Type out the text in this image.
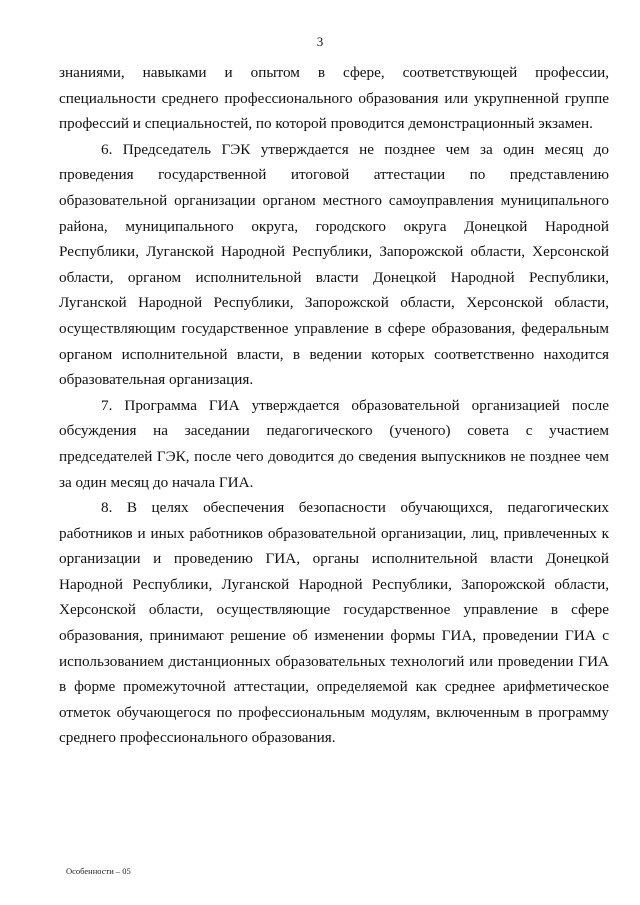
3

знаниями, навыками и опытом в сфере, соответствующей профессии, специальности среднего профессионального образования или укрупненной группе профессий и специальностей, по которой проводится демонстрационный экзамен.

6. Председатель ГЭК утверждается не позднее чем за один месяц до проведения государственной итоговой аттестации по представлению образовательной организации органом местного самоуправления муниципального района, муниципального округа, городского округа Донецкой Народной Республики, Луганской Народной Республики, Запорожской области, Херсонской области, органом исполнительной власти Донецкой Народной Республики, Луганской Народной Республики, Запорожской области, Херсонской области, осуществляющим государственное управление в сфере образования, федеральным органом исполнительной власти, в ведении которых соответственно находится образовательная организация.

7. Программа ГИА утверждается образовательной организацией после обсуждения на заседании педагогического (ученого) совета с участием председателей ГЭК, после чего доводится до сведения выпускников не позднее чем за один месяц до начала ГИА.

8. В целях обеспечения безопасности обучающихся, педагогических работников и иных работников образовательной организации, лиц, привлеченных к организации и проведению ГИА, органы исполнительной власти Донецкой Народной Республики, Луганской Народной Республики, Запорожской области, Херсонской области, осуществляющие государственное управление в сфере образования, принимают решение об изменении формы ГИА, проведении ГИА с использованием дистанционных образовательных технологий или проведении ГИА в форме промежуточной аттестации, определяемой как среднее арифметическое отметок обучающегося по профессиональным модулям, включенным в программу среднего профессионального образования.

Особенности – 05
